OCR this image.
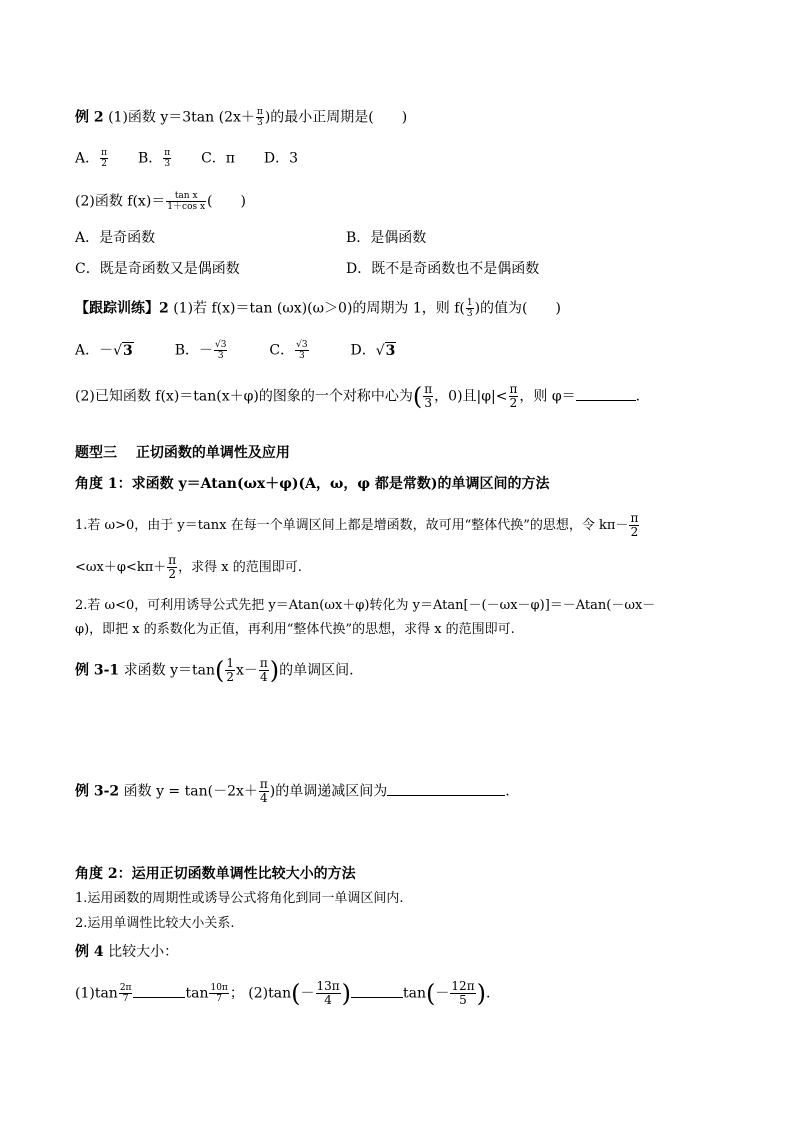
例 2 (1)函数 y＝3tan ($2x+ \frac{\pi}{3}$ )的最小正周期是(　　)
A． $\frac{\pi}{2}$ B． $\frac{\pi}{3}$ C．π D．3
(2)函数 $f(x)= \frac{\text{tan x}}{\text{1＋cos x}}$ (　　)
A．是奇函数	B．是偶函数
C．既是奇函数又是偶函数	D．既不是奇函数也不是偶函数
【跟踪训练】2 (1)若 f(x)＝tan (ωx)(ω＞0)的周期为 1，则 $f( \frac{1}{3}$ )的值为(　　)
A．－√3	B．－ $\frac{√3}{3}$	C． $\frac{√3}{3}$	D．√3
(2)已知函数 f(x)＝tan(x＋φ)的图象的一个对称中心为( $\frac{\pi}{3}$ ，0)且$|\varphi|< \frac{\pi}{2}$ ，则 φ＝	.
题型三　 正切函数的单调性及应用
角度 1：求函数 y＝Atan(ωx＋φ)(A，ω，φ 都是常数)的单调区间的方法
1.若 ω>0，由于 y＝tanx 在每一个单调区间上都是增函数，故可用“整体代换”的思想，令 $k\pi- \frac{\pi}{2}$
$<\omega x+\varphi<k\pi+ \frac{\pi}{2}$ ，求得 x 的范围即可.
2.若 ω<0，可利用诱导公式先把 y＝Atan(ωx＋φ)转化为 y＝Atan[－(－ωx－φ)]＝－Atan(－ωx－
φ)，即把 x 的系数化为正值，再利用“整体代换”的思想，求得 x 的范围即可.
例 3-1 求函数 $y=\tan( \frac{1}{2} x- \frac{\pi}{4}$ )的单调区间.
例 3-2 函数 $y = \tan(-2x+ \frac{\pi}{4}$ )的单调递减区间为	.
角度 2：运用正切函数单调性比较大小的方法
1.运用函数的周期性或诱导公式将角化到同一单调区间内.
2.运用单调性比较大小关系.
例 4 比较大小：
$(1)\tan \frac{2\pi}{7}$	$\tan \frac{10\pi}{7}$ ； $(2)\tan(- \frac{13\pi}{4}$ )	$\tan(- \frac{12\pi}{5}$ ).
